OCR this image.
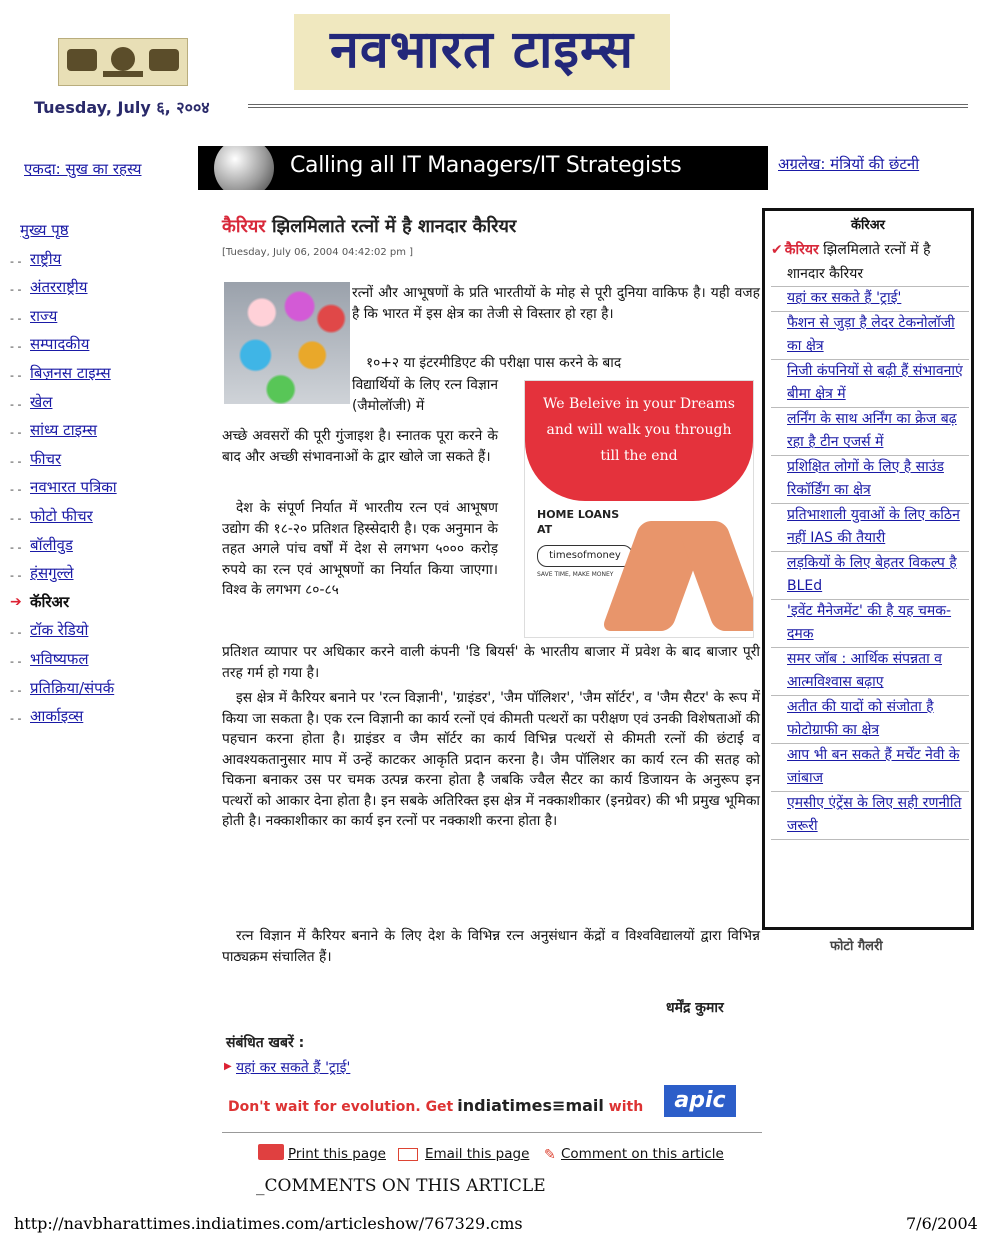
नवभारत टाइम्स
Tuesday, July ६, २००४
एकदा: सुख का रहस्य	Calling all IT Managers/IT Strategists	अग्रलेख: मंत्रियों की छंटनी
मुख्य पृष्ठ
- - राष्ट्रीय
- - अंतरराष्ट्रीय
- - राज्य
- - सम्पादकीय
- - बिज़नस टाइम्स
- - खेल
- - सांध्य टाइम्स
- - फीचर
- - नवभारत पत्रिका
- - फोटो फीचर
- - बॉलीवुड
- - हंसगुल्ले
➔ कॅरिअर
- - टॉक रेडियो
- - भविष्यफल
- - प्रतिक्रिया/संपर्क
- - आर्काइव्स
कैरियर झिलमिलाते रत्नों में है शानदार कैरियर
[Tuesday, July 06, 2004 04:42:02 pm ]
रत्नों और आभूषणों के प्रति भारतीयों के मोह से पूरी दुनिया वाकिफ है। यही वजह है कि भारत में इस क्षेत्र का तेजी से विस्तार हो रहा है।
१०+२ या इंटरमीडिएट की परीक्षा पास करने के बाद
विद्यार्थियों के लिए रत्न विज्ञान (जैमोलॉजी) में
अच्छे अवसरों की पूरी गुंजाइश है। स्नातक पूरा करने के बाद और अच्छी संभावनाओं के द्वार खोले जा सकते हैं।
देश के संपूर्ण निर्यात में भारतीय रत्न एवं आभूषण उद्योग की १८-२० प्रतिशत हिस्सेदारी है। एक अनुमान के तहत अगले पांच वर्षों में देश से लगभग ५००० करोड़ रुपये का रत्न एवं आभूषणों का निर्यात किया जाएगा। विश्व के लगभग ८०-८५
प्रतिशत व्यापार पर अधिकार करने वाली कंपनी 'डि बियर्स' के भारतीय बाजार में प्रवेश के बाद बाजार पूरी तरह गर्म हो गया है।
इस क्षेत्र में कैरियर बनाने पर 'रत्न विज्ञानी', 'ग्राइंडर', 'जैम पॉलिशर', 'जैम सॉर्टर', व 'जैम सैटर' के रूप में किया जा सकता है। एक रत्न विज्ञानी का कार्य रत्नों एवं कीमती पत्थरों का परीक्षण एवं उनकी विशेषताओं की पहचान करना होता है। ग्राइंडर व जैम सॉर्टर का कार्य विभिन्न पत्थरों से कीमती रत्नों की छंटाई व आवश्यकतानुसार माप में उन्हें काटकर आकृति प्रदान करना है। जैम पॉलिशर का कार्य रत्न की सतह को चिकना बनाकर उस पर चमक उत्पन्न करना होता है जबकि ज्वैल सैटर का कार्य डिजायन के अनुरूप इन पत्थरों को आकार देना होता है। इन सबके अतिरिक्त इस क्षेत्र में नक्काशीकार (इनग्रेवर) की भी प्रमुख भूमिका होती है। नक्काशीकार का कार्य इन रत्नों पर नक्काशी करना होता है।
रत्न विज्ञान में कैरियर बनाने के लिए देश के विभिन्न रत्न अनुसंधान केंद्रों व विश्वविद्यालयों द्वारा विभिन्न पाठ्यक्रम संचालित हैं।
We Beleive in your Dreams
and will walk you through
till the end
HOME LOANS
AT
timesofmoney
SAVE TIME, MAKE MONEY
धर्मेंद्र कुमार
संबंधित खबरें :
▶ यहां कर सकते हैं 'ट्राई'
Don't wait for evolution. Get indiatimes≡mail with	apic
Print this page	Email this page ✎ Comment on this article
_COMMENTS ON THIS ARTICLE
कॅरिअर
✔ कैरियर झिलमिलाते रत्नों में है शानदार कैरियर
यहां कर सकते हैं 'ट्राई'
फैशन से जुड़ा है लेदर टेकनोलॉजी का क्षेत्र
निजी कंपनियों से बढ़ी हैं संभावनाएं बीमा क्षेत्र में
लर्निंग के साथ अर्निंग का क्रेज बढ़ रहा है टीन एजर्स में
प्रशिक्षित लोगों के लिए है साउंड रिकॉर्डिंग का क्षेत्र
प्रतिभाशाली युवाओं के लिए कठिन नहीं IAS की तैयारी
लड़कियों के लिए बेहतर विकल्प है BLEd
'इवेंट मैनेजमेंट' की है यह चमक-दमक
समर जॉब : आर्थिक संपन्नता व आत्मविश्वास बढ़ाए
अतीत की यादों को संजोता है फोटोग्राफी का क्षेत्र
आप भी बन सकते हैं मर्चेंट नेवी के जांबाज
एमसीए एंट्रेंस के लिए सही रणनीति जरूरी
फोटो गैलरी
http://navbharattimes.indiatimes.com/articleshow/767329.cms	7/6/2004
